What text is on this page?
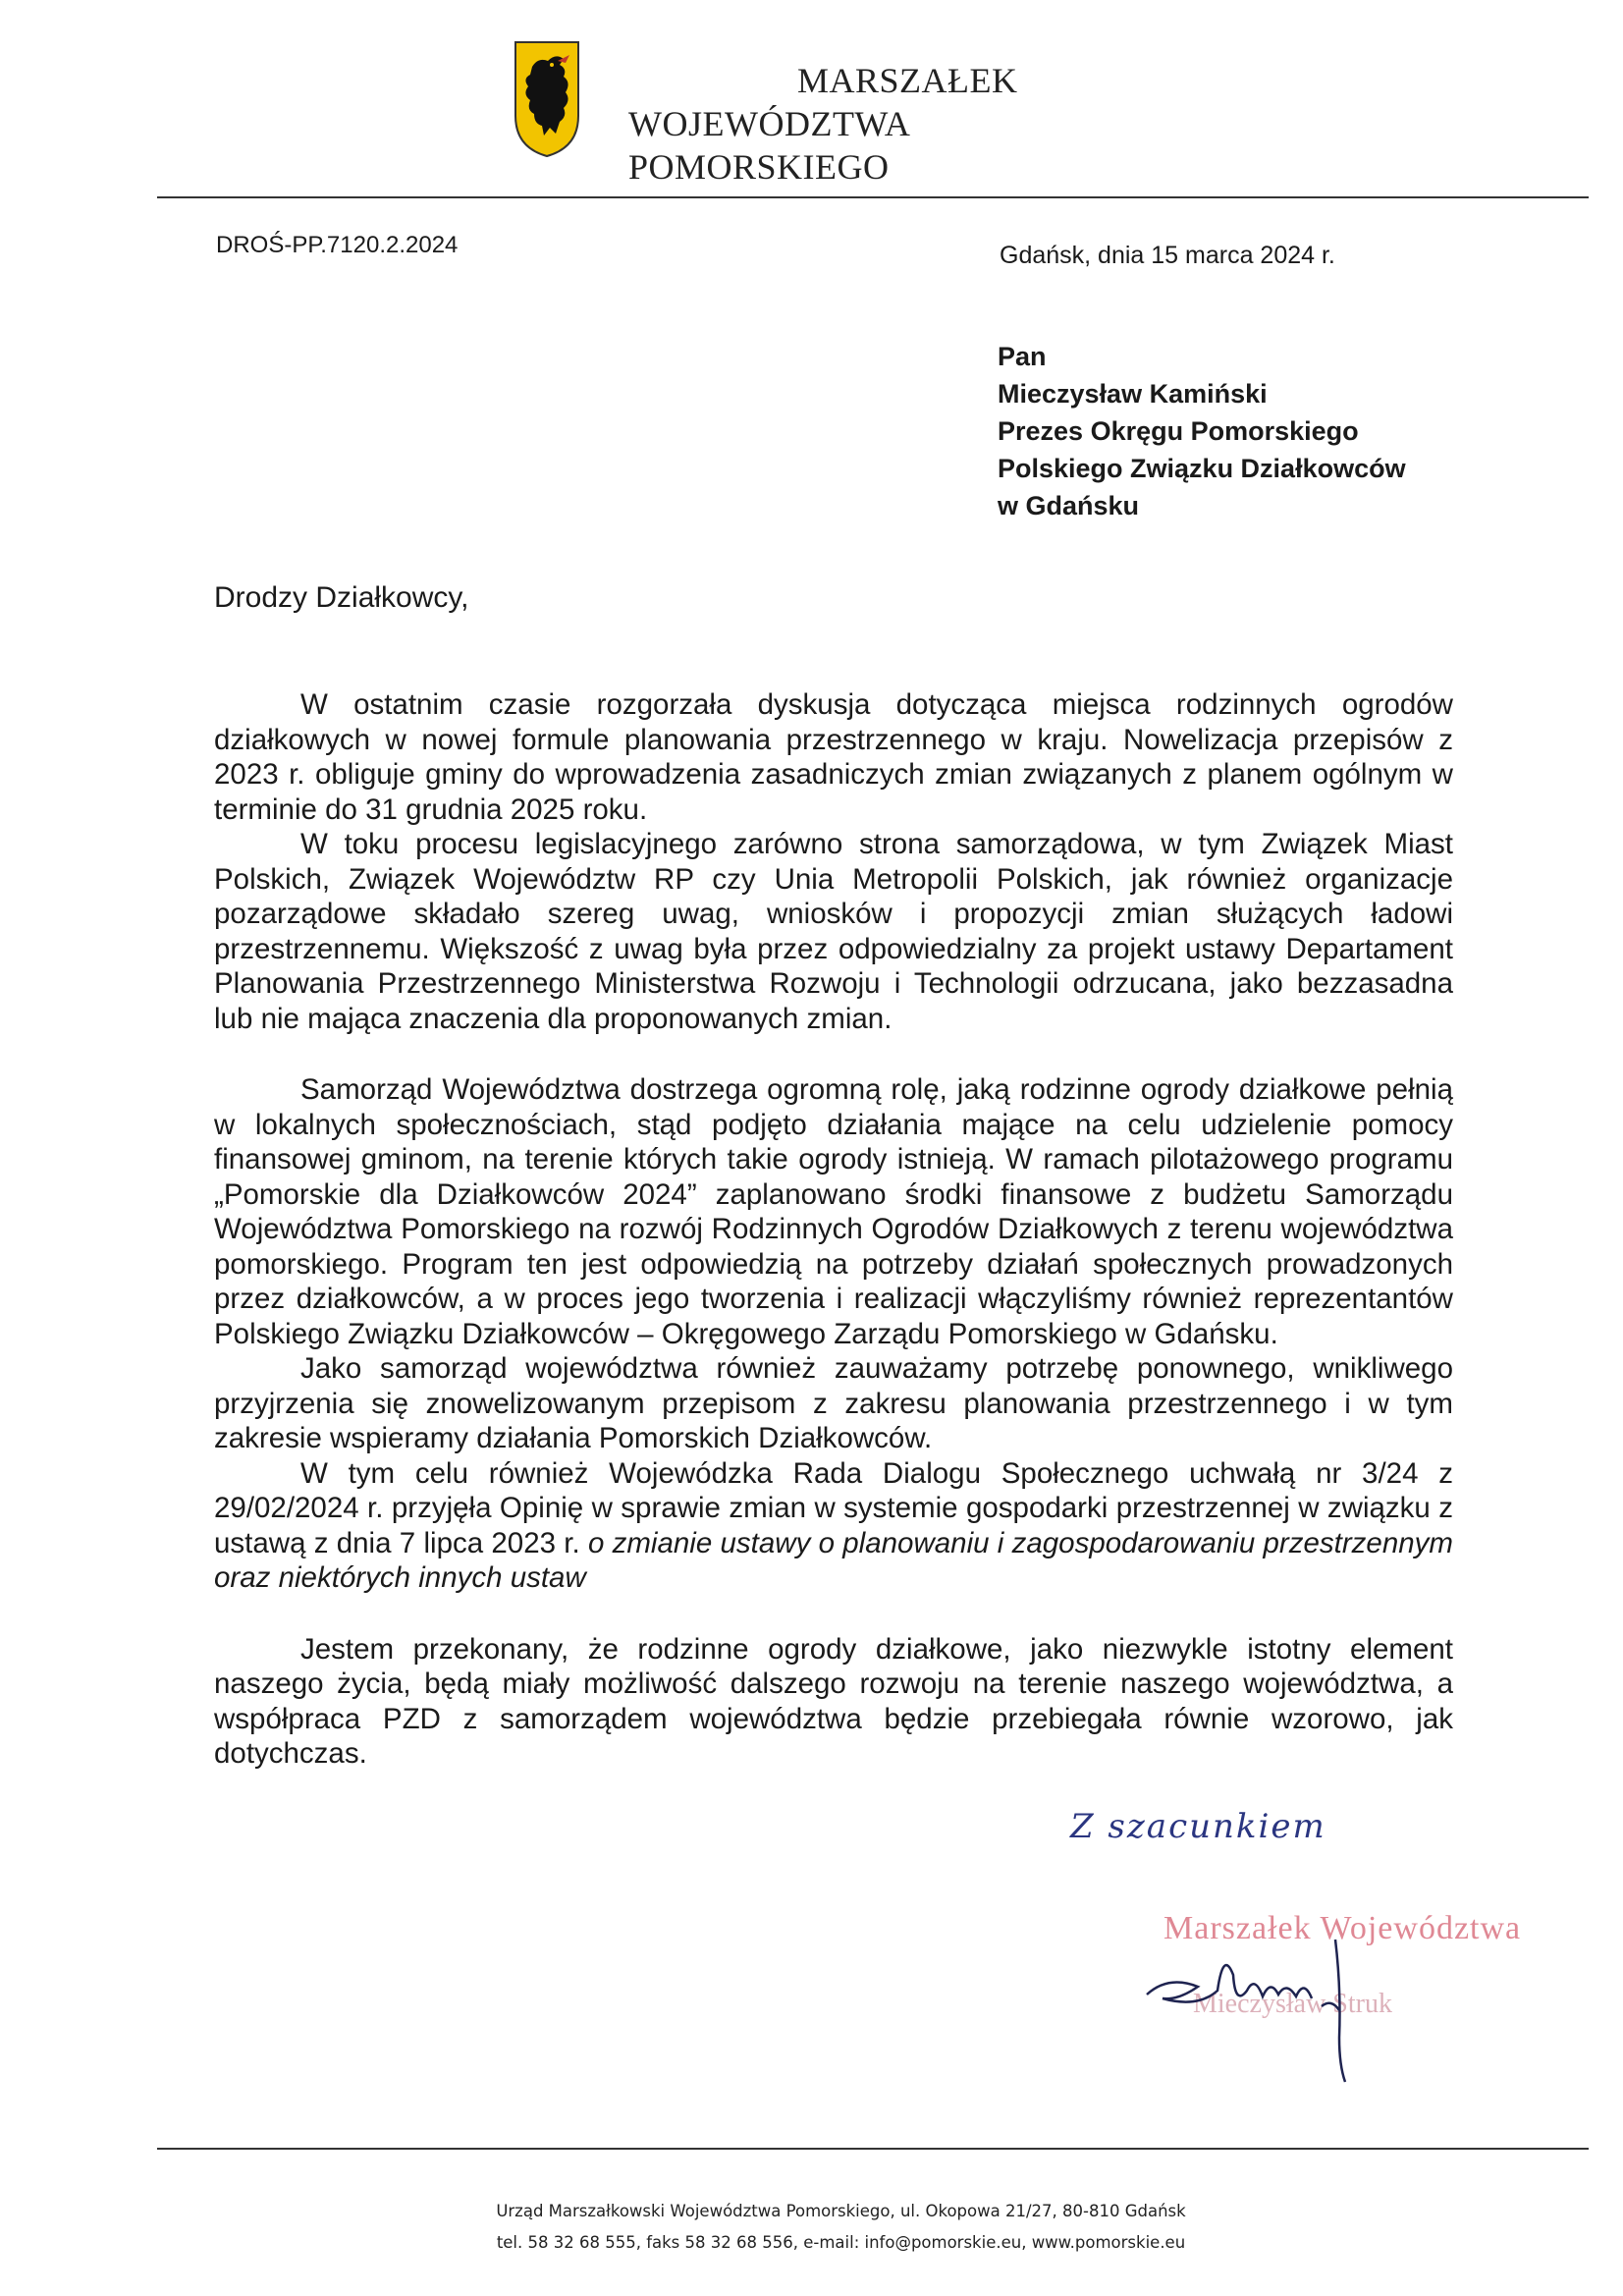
MARSZAŁEK
WOJEWÓDZTWA POMORSKIEGO
DROŚ-PP.7120.2.2024	Gdańsk, dnia 15 marca 2024 r.
Pan
Mieczysław Kamiński
Prezes Okręgu Pomorskiego
Polskiego Związku Działkowców
w Gdańsku
Drodzy Działkowcy,

W ostatnim czasie rozgorzała dyskusja dotycząca miejsca rodzinnych ogrodów działkowych w nowej formule planowania przestrzennego w kraju. Nowelizacja przepisów z 2023 r. obliguje gminy do wprowadzenia zasadniczych zmian związanych z planem ogólnym w terminie do 31 grudnia 2025 roku.

W toku procesu legislacyjnego zarówno strona samorządowa, w tym Związek Miast Polskich, Związek Województw RP czy Unia Metropolii Polskich, jak również organizacje pozarządowe składało szereg uwag, wniosków i propozycji zmian służących ładowi przestrzennemu. Większość z uwag była przez odpowiedzialny za projekt ustawy Departament Planowania Przestrzennego Ministerstwa Rozwoju i Technologii odrzucana, jako bezzasadna lub nie mająca znaczenia dla proponowanych zmian.

Samorząd Województwa dostrzega ogromną rolę, jaką rodzinne ogrody działkowe pełnią w lokalnych społecznościach, stąd podjęto działania mające na celu udzielenie pomocy finansowej gminom, na terenie których takie ogrody istnieją. W ramach pilotażowego programu „Pomorskie dla Działkowców 2024” zaplanowano środki finansowe z budżetu Samorządu Województwa Pomorskiego na rozwój Rodzinnych Ogrodów Działkowych z terenu województwa pomorskiego. Program ten jest odpowiedzią na potrzeby działań społecznych prowadzonych przez działkowców, a w proces jego tworzenia i realizacji włączyliśmy również reprezentantów Polskiego Związku Działkowców – Okręgowego Zarządu Pomorskiego w Gdańsku.

Jako samorząd województwa również zauważamy potrzebę ponownego, wnikliwego przyjrzenia się znowelizowanym przepisom z zakresu planowania przestrzennego i w tym zakresie wspieramy działania Pomorskich Działkowców.

W tym celu również Wojewódzka Rada Dialogu Społecznego uchwałą nr 3/24 z 29/02/2024 r. przyjęła Opinię w sprawie zmian w systemie gospodarki przestrzennej w związku z ustawą z dnia 7 lipca 2023 r. o zmianie ustawy o planowaniu i zagospodarowaniu przestrzennym oraz niektórych innych ustaw

Jestem przekonany, że rodzinne ogrody działkowe, jako niezwykle istotny element naszego życia, będą miały możliwość dalszego rozwoju na terenie naszego województwa, a współpraca PZD z samorządem województwa będzie przebiegała równie wzorowo, jak dotychczas.

Z szacunkiem
Marszałek Województwa
Mieczysław Struk
Urząd Marszałkowski Województwa Pomorskiego, ul. Okopowa 21/27, 80-810 Gdańsk
tel. 58 32 68 555, faks 58 32 68 556, e-mail: info@pomorskie.eu, www.pomorskie.eu
